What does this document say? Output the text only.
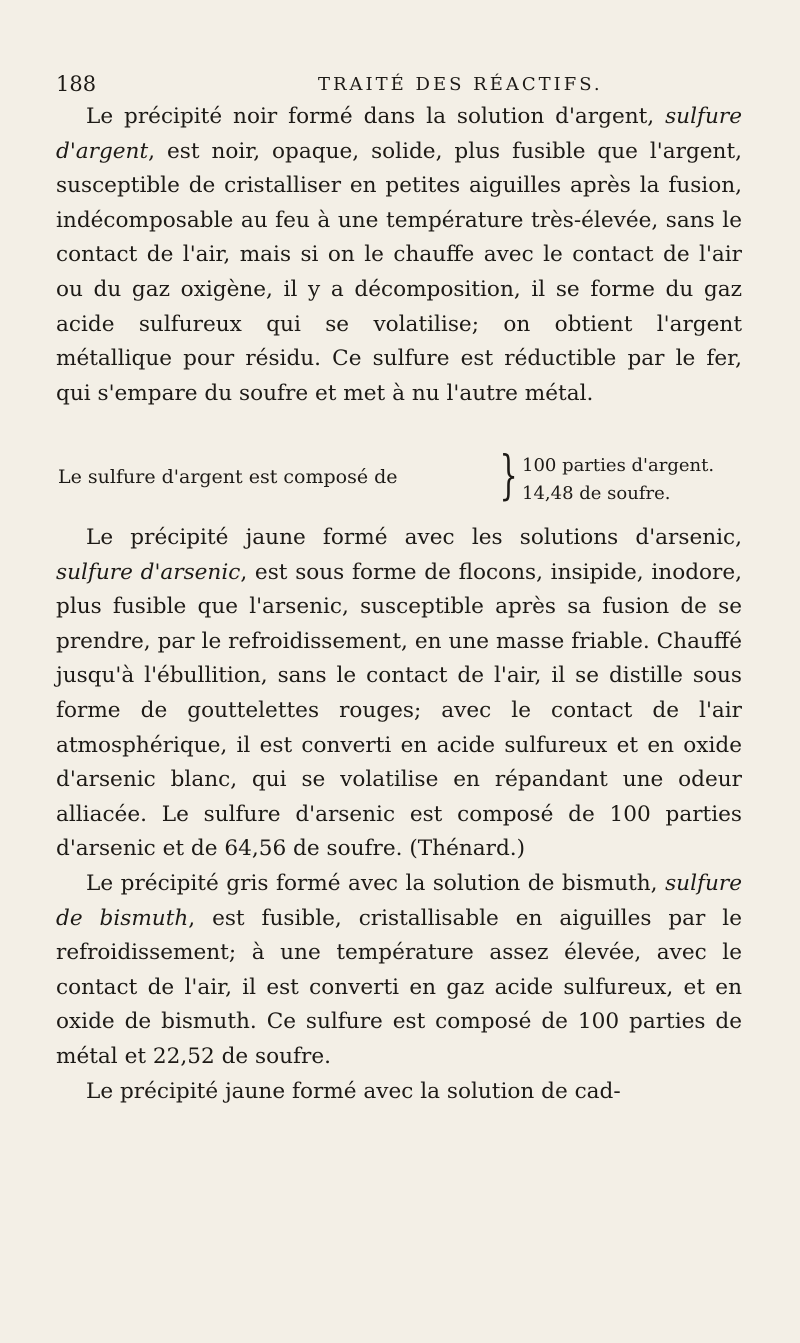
188	TRAITÉ DES RÉACTIFS.

Le précipité noir formé dans la solution d'argent, sulfure d'argent, est noir, opaque, solide, plus fusible que l'argent, susceptible de cristalliser en petites aiguilles après la fusion, indécomposable au feu à une température très-élevée, sans le contact de l'air, mais si on le chauffe avec le contact de l'air ou du gaz oxigène, il y a décomposition, il se forme du gaz acide sulfureux qui se volatilise; on obtient l'argent métallique pour résidu. Ce sulfure est réductible par le fer, qui s'empare du soufre et met à nu l'autre métal.

Le sulfure d'argent est composé de } 100 parties d'argent.
14,48 de soufre.

Le précipité jaune formé avec les solutions d'arsenic, sulfure d'arsenic, est sous forme de flocons, insipide, inodore, plus fusible que l'arsenic, susceptible après sa fusion de se prendre, par le refroidissement, en une masse friable. Chauffé jusqu'à l'ébullition, sans le contact de l'air, il se distille sous forme de gouttelettes rouges; avec le contact de l'air atmosphérique, il est converti en acide sulfureux et en oxide d'arsenic blanc, qui se volatilise en répandant une odeur alliacée. Le sulfure d'arsenic est composé de 100 parties d'arsenic et de 64,56 de soufre. (Thénard.)

Le précipité gris formé avec la solution de bismuth, sulfure de bismuth, est fusible, cristallisable en aiguilles par le refroidissement; à une température assez élevée, avec le contact de l'air, il est converti en gaz acide sulfureux, et en oxide de bismuth. Ce sulfure est composé de 100 parties de métal et 22,52 de soufre.

Le précipité jaune formé avec la solution de cad-
